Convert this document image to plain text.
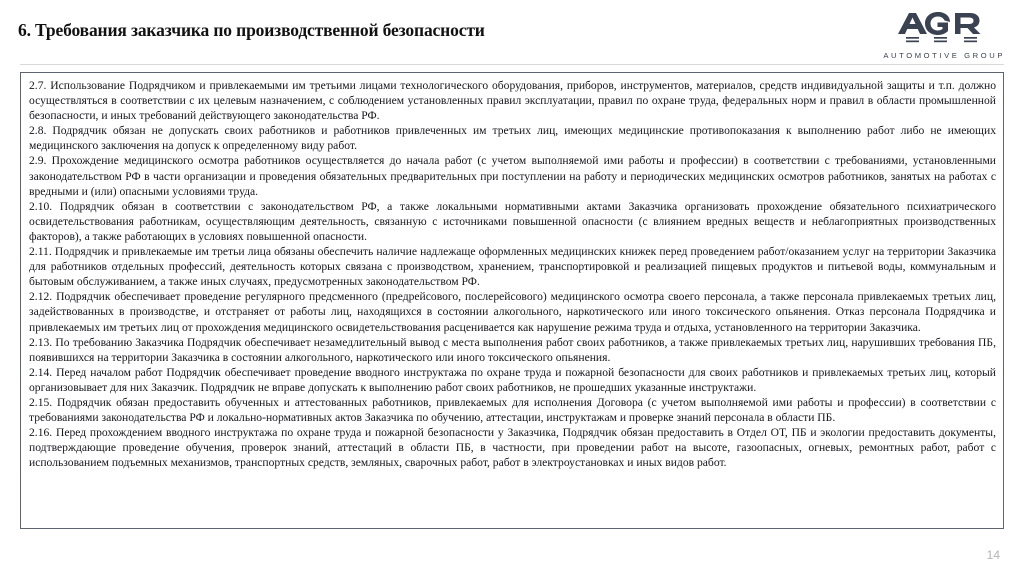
6. Требования заказчика по производственной безопасности
AUTOMOTIVE GROUP

2.7. Использование Подрядчиком и привлекаемыми им третьими лицами технологического оборудования, приборов, инструментов, материалов, средств индивидуальной защиты и т.п. должно осуществляться в соответствии с их целевым назначением, с соблюдением установленных правил эксплуатации, правил по охране труда, федеральных норм и правил в области промышленной безопасности, и иных требований действующего законодательства РФ.

2.8. Подрядчик обязан не допускать своих работников и работников привлеченных им третьих лиц, имеющих медицинские противопоказания к выполнению работ либо не имеющих медицинского заключения на допуск к определенному виду работ.

2.9. Прохождение медицинского осмотра работников осуществляется до начала работ (с учетом выполняемой ими работы и профессии) в соответствии с требованиями, установленными законодательством РФ в части организации и проведения обязательных предварительных при поступлении на работу и периодических медицинских осмотров работников, занятых на работах с вредными и (или) опасными условиями труда.

2.10. Подрядчик обязан в соответствии с законодательством РФ, а также локальными нормативными актами Заказчика организовать прохождение обязательного психиатрического освидетельствования работникам, осуществляющим деятельность, связанную с источниками повышенной опасности (с влиянием вредных веществ и неблагоприятных производственных факторов), а также работающих в условиях повышенной опасности.

2.11. Подрядчик и привлекаемые им третьи лица обязаны обеспечить наличие надлежаще оформленных медицинских книжек перед проведением работ/оказанием услуг на территории Заказчика для работников отдельных профессий, деятельность которых связана с производством, хранением, транспортировкой и реализацией пищевых продуктов и питьевой воды, коммунальным и бытовым обслуживанием, а также иных случаях, предусмотренных законодательством РФ.

2.12. Подрядчик обеспечивает проведение регулярного предсменного (предрейсового, послерейсового) медицинского осмотра своего персонала, а также персонала привлекаемых третьих лиц, задействованных в производстве, и отстраняет от работы лиц, находящихся в состоянии алкогольного, наркотического или иного токсического опьянения. Отказ персонала Подрядчика и привлекаемых им третьих лиц от прохождения медицинского освидетельствования расценивается как нарушение режима труда и отдыха, установленного на территории Заказчика.

2.13. По требованию Заказчика Подрядчик обеспечивает незамедлительный вывод с места выполнения работ своих работников, а также привлекаемых третьих лиц, нарушивших требования ПБ, появившихся на территории Заказчика в состоянии алкогольного, наркотического или иного токсического опьянения.

2.14. Перед началом работ Подрядчик обеспечивает проведение вводного инструктажа по охране труда и пожарной безопасности для своих работников и привлекаемых третьих лиц, который организовывает для них Заказчик. Подрядчик не вправе допускать к выполнению работ своих работников, не прошедших указанные инструктажи.

2.15. Подрядчик обязан предоставить обученных и аттестованных работников, привлекаемых для исполнения Договора (с учетом выполняемой ими работы и профессии) в соответствии с требованиями законодательства РФ и локально-нормативных актов Заказчика по обучению, аттестации, инструктажам и проверке знаний персонала в области ПБ.

2.16. Перед прохождением вводного инструктажа по охране труда и пожарной безопасности у Заказчика, Подрядчик обязан предоставить в Отдел ОТ, ПБ и экологии предоставить документы, подтверждающие проведение обучения, проверок знаний, аттестаций в области ПБ, в частности, при проведении работ на высоте, газоопасных, огневых, ремонтных работ, работ с использованием подъемных механизмов, транспортных средств, земляных, сварочных работ, работ в электроустановках и иных видов работ.

14
